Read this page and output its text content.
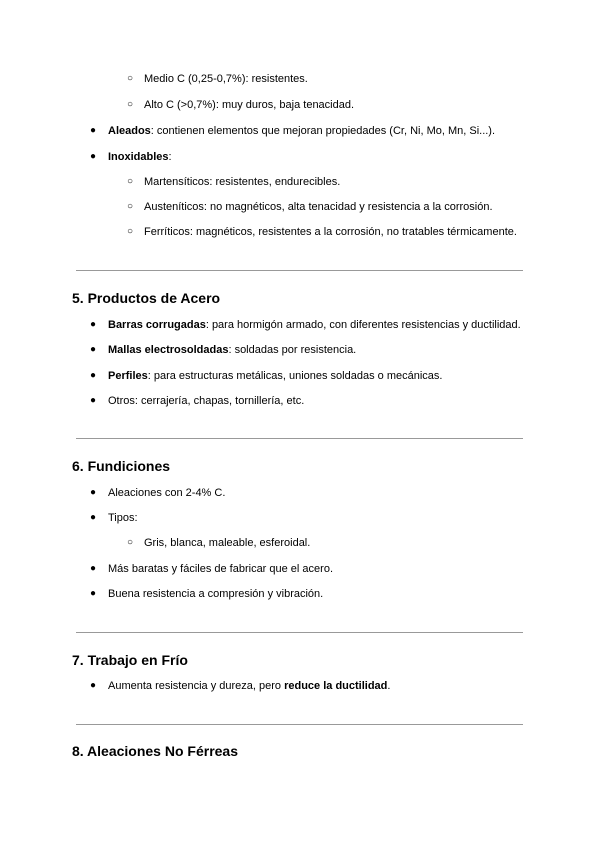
○ Medio C (0,25-0,7%): resistentes.
○ Alto C (>0,7%): muy duros, baja tenacidad.
● Aleados: contienen elementos que mejoran propiedades (Cr, Ni, Mo, Mn, Si...).
● Inoxidables:
○ Martensíticos: resistentes, endurecibles.
○ Austeníticos: no magnéticos, alta tenacidad y resistencia a la corrosión.
○ Ferríticos: magnéticos, resistentes a la corrosión, no tratables térmicamente.
5. Productos de Acero
● Barras corrugadas: para hormigón armado, con diferentes resistencias y ductilidad.
● Mallas electrosoldadas: soldadas por resistencia.
● Perfiles: para estructuras metálicas, uniones soldadas o mecánicas.
● Otros: cerrajería, chapas, tornillería, etc.
6. Fundiciones
● Aleaciones con 2-4% C.
● Tipos:
○ Gris, blanca, maleable, esferoidal.
● Más baratas y fáciles de fabricar que el acero.
● Buena resistencia a compresión y vibración.
7. Trabajo en Frío
● Aumenta resistencia y dureza, pero reduce la ductilidad.
8. Aleaciones No Férreas
